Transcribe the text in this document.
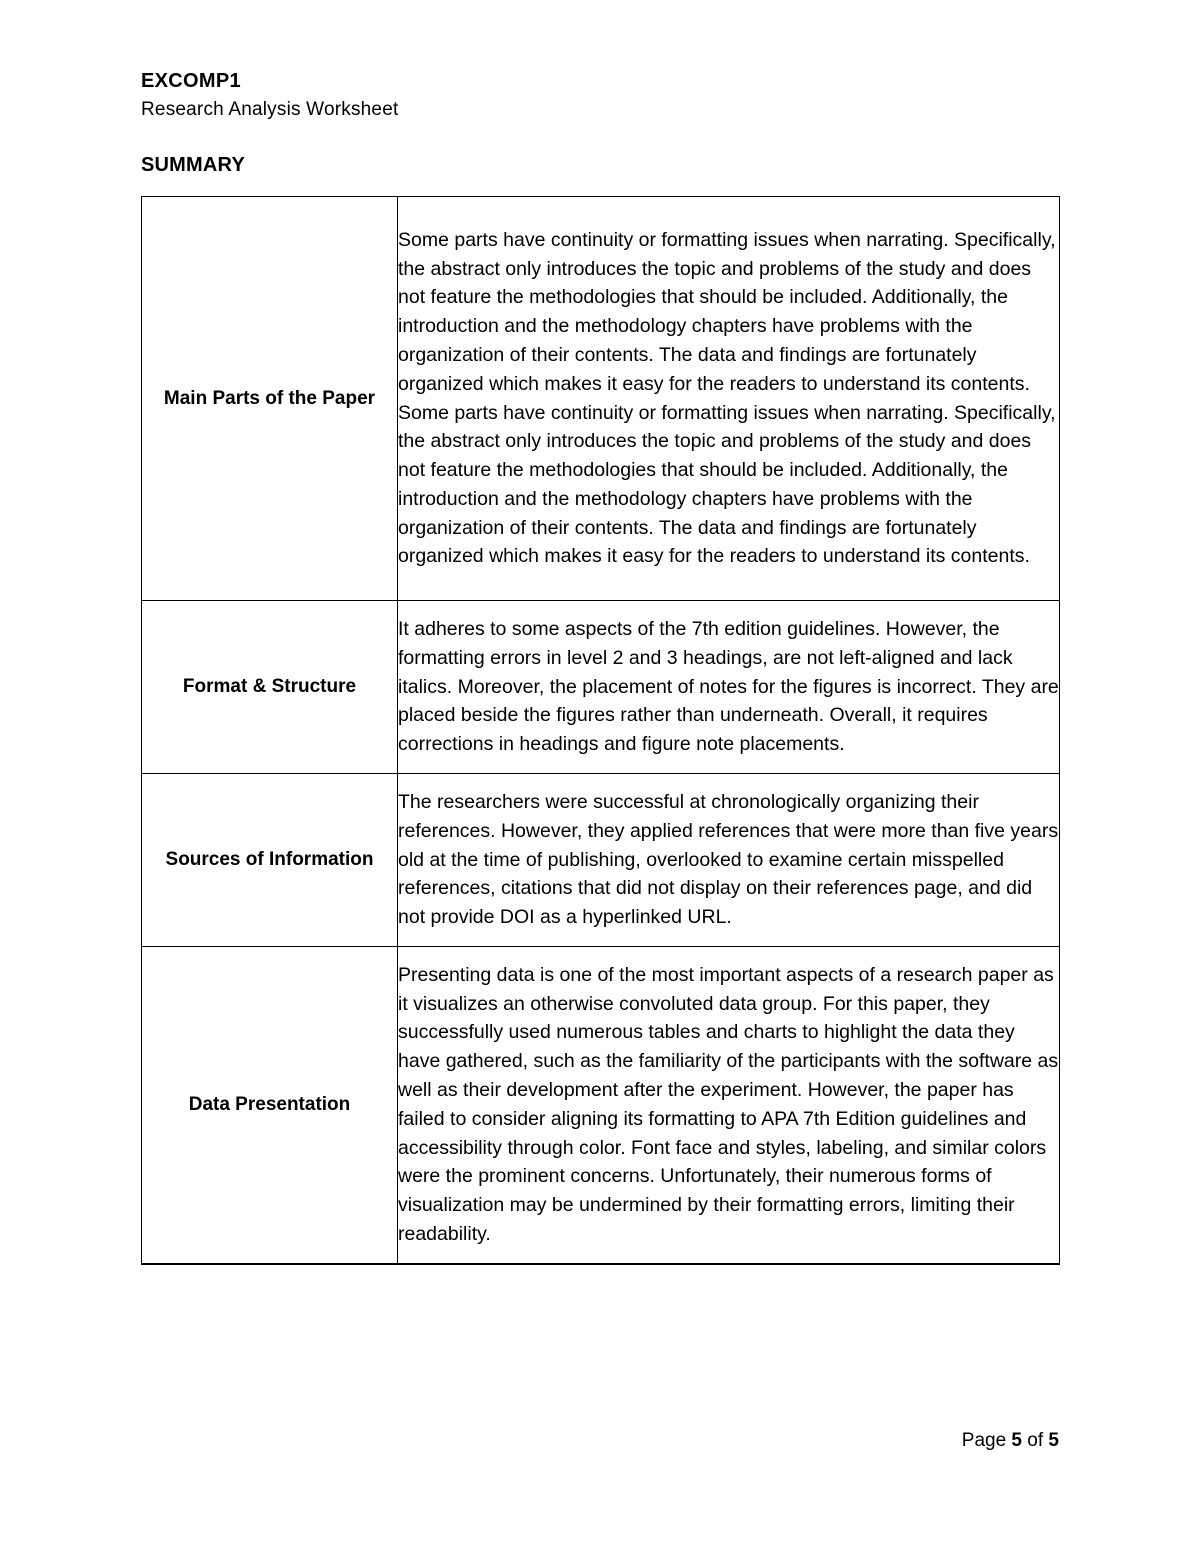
EXCOMP1
Research Analysis Worksheet
SUMMARY
Main Parts of the Paper	Some parts have continuity or formatting issues when narrating. Specifically, the abstract only introduces the topic and problems of the study and does not feature the methodologies that should be included. Additionally, the introduction and the methodology chapters have problems with the organization of their contents. The data and findings are fortunately organized which makes it easy for the readers to understand its contents. Some parts have continuity or formatting issues when narrating. Specifically, the abstract only introduces the topic and problems of the study and does not feature the methodologies that should be included. Additionally, the introduction and the methodology chapters have problems with the organization of their contents. The data and findings are fortunately organized which makes it easy for the readers to understand its contents.
Format & Structure	It adheres to some aspects of the 7th edition guidelines. However, the formatting errors in level 2 and 3 headings, are not left-aligned and lack italics. Moreover, the placement of notes for the figures is incorrect. They are placed beside the figures rather than underneath. Overall, it requires corrections in headings and figure note placements.
Sources of Information	The researchers were successful at chronologically organizing their references. However, they applied references that were more than five years old at the time of publishing, overlooked to examine certain misspelled references, citations that did not display on their references page, and did not provide DOI as a hyperlinked URL.
Data Presentation	Presenting data is one of the most important aspects of a research paper as it visualizes an otherwise convoluted data group. For this paper, they successfully used numerous tables and charts to highlight the data they have gathered, such as the familiarity of the participants with the software as well as their development after the experiment. However, the paper has failed to consider aligning its formatting to APA 7th Edition guidelines and accessibility through color. Font face and styles, labeling, and similar colors were the prominent concerns. Unfortunately, their numerous forms of visualization may be undermined by their formatting errors, limiting their readability.
Page 5 of 5
